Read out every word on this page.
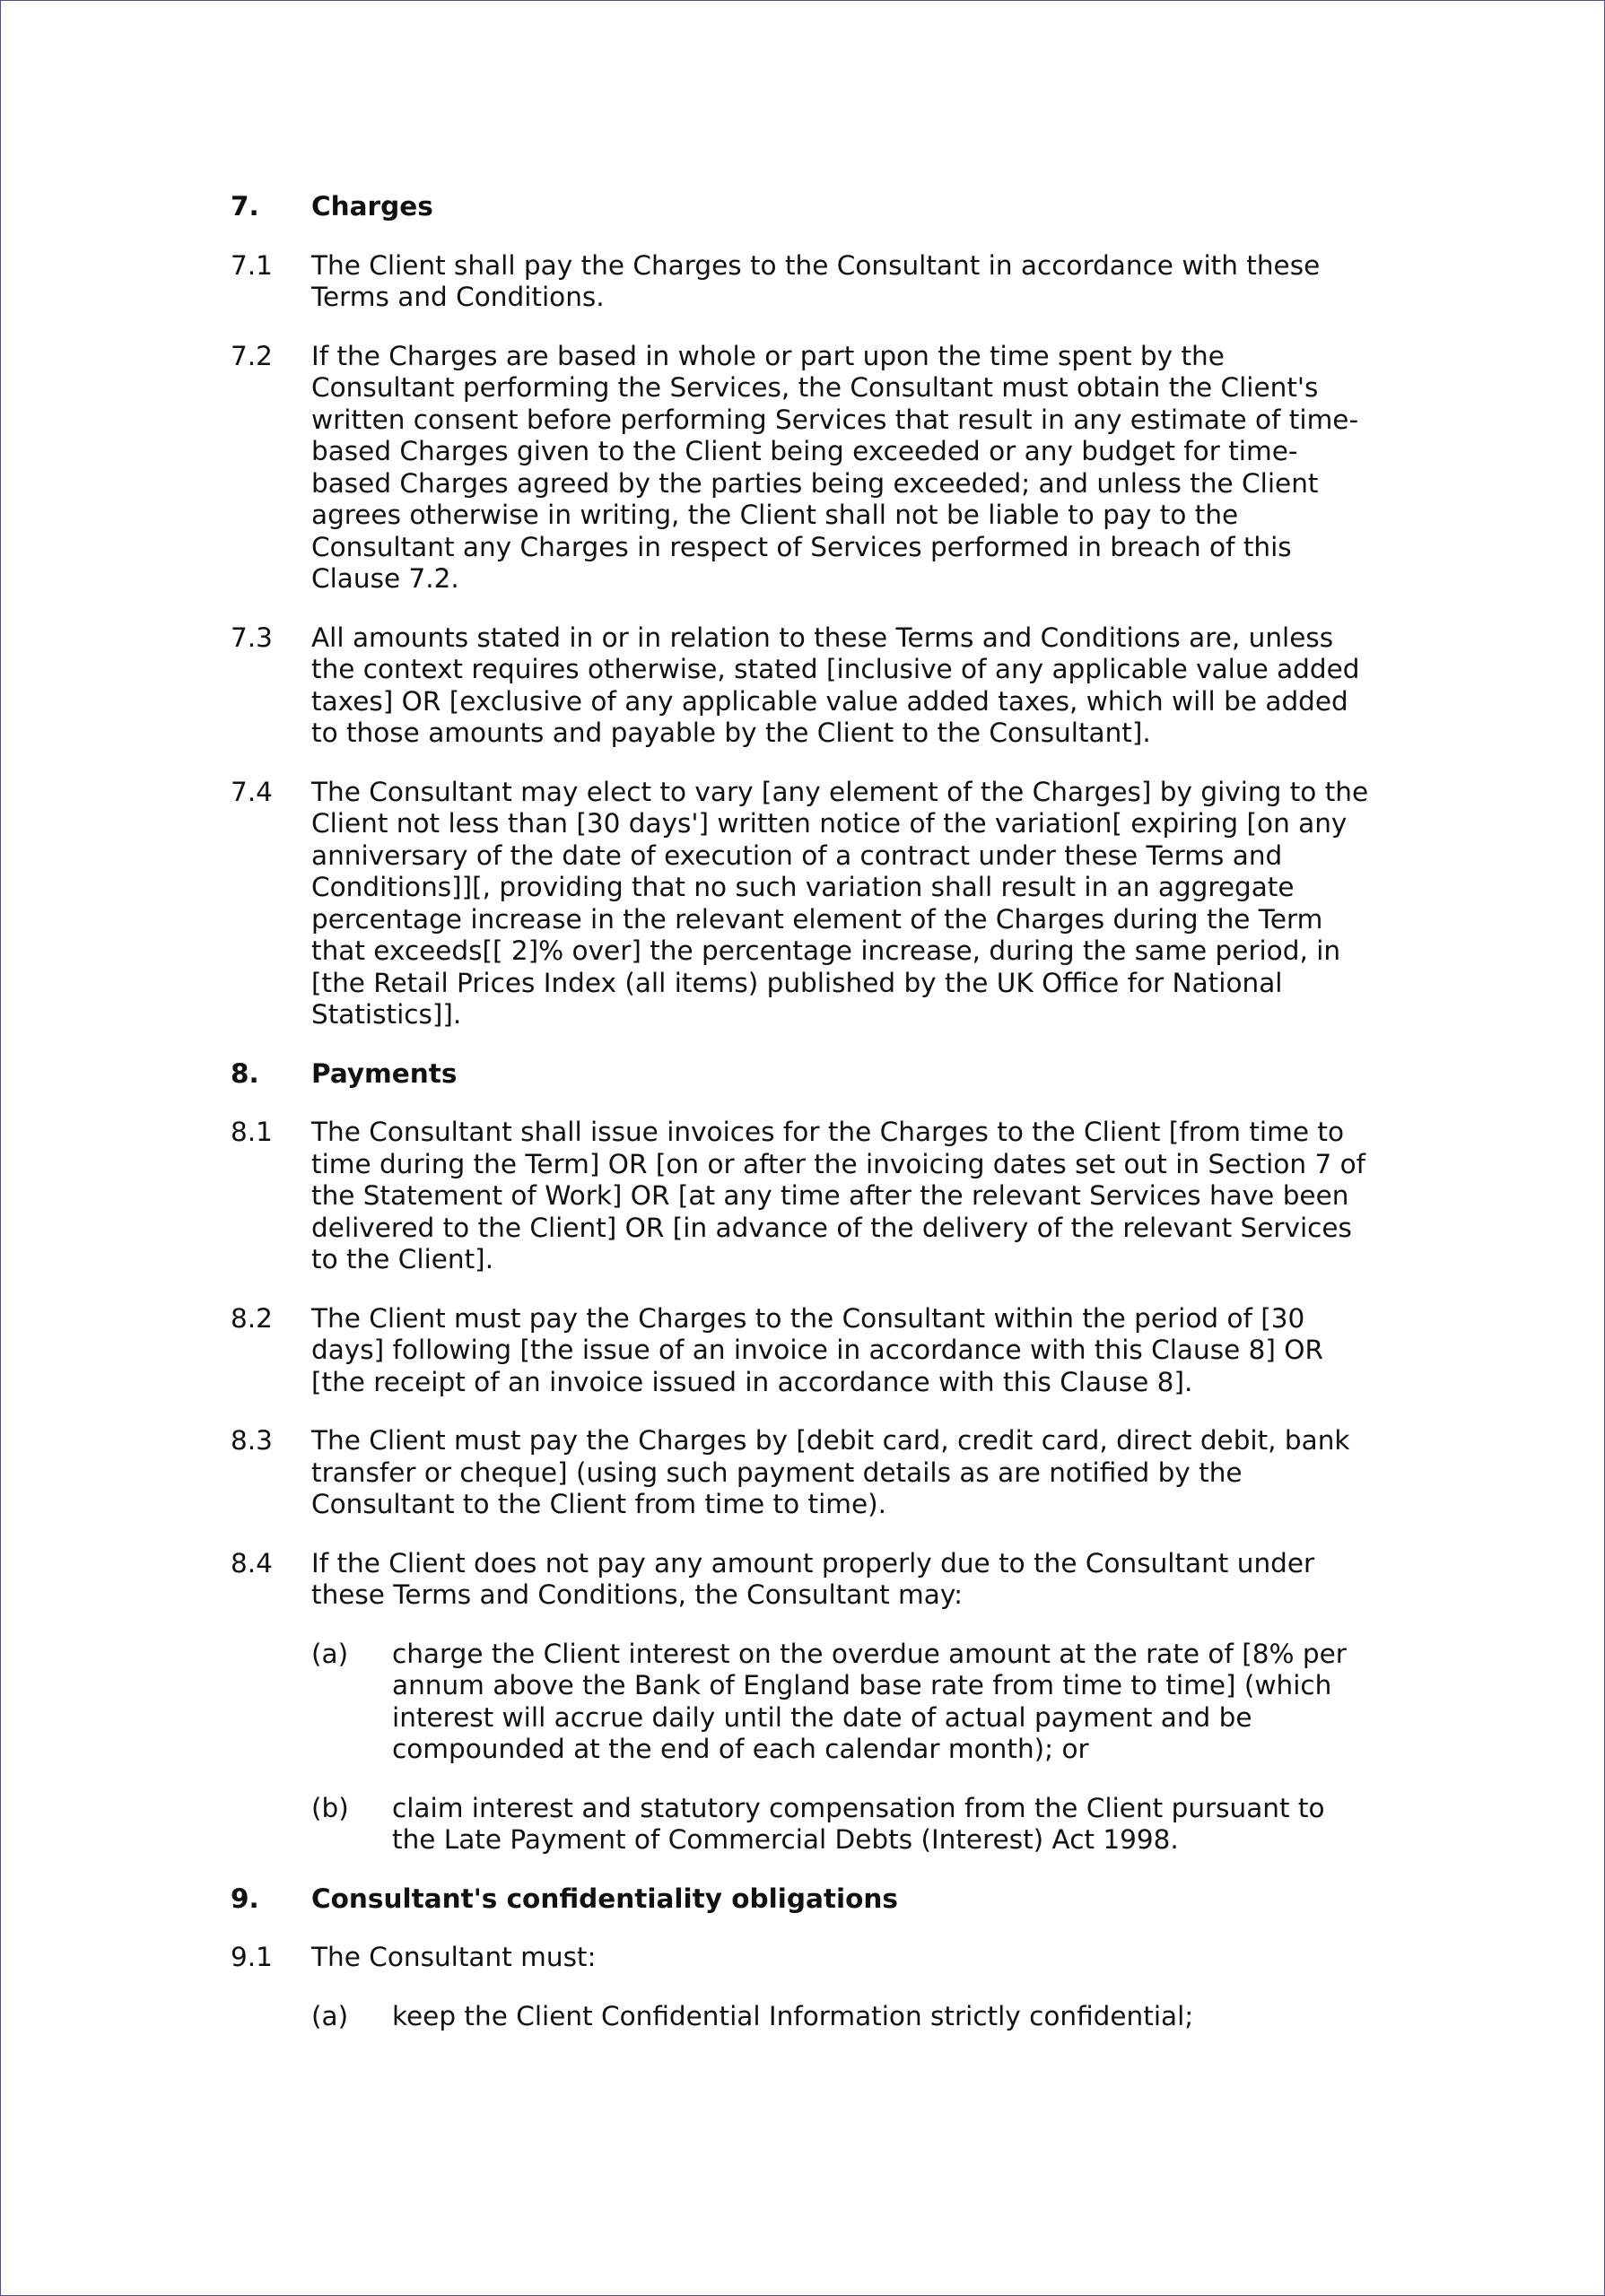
7. Charges
7.1 The Client shall pay the Charges to the Consultant in accordance with these Terms and Conditions.
7.2 If the Charges are based in whole or part upon the time spent by the Consultant performing the Services, the Consultant must obtain the Client's written consent before performing Services that result in any estimate of time-based Charges given to the Client being exceeded or any budget for time-based Charges agreed by the parties being exceeded; and unless the Client agrees otherwise in writing, the Client shall not be liable to pay to the Consultant any Charges in respect of Services performed in breach of this Clause 7.2.
7.3 All amounts stated in or in relation to these Terms and Conditions are, unless the context requires otherwise, stated [inclusive of any applicable value added taxes] OR [exclusive of any applicable value added taxes, which will be added to those amounts and payable by the Client to the Consultant].
7.4 The Consultant may elect to vary [any element of the Charges] by giving to the Client not less than [30 days'] written notice of the variation[ expiring [on any anniversary of the date of execution of a contract under these Terms and Conditions]][, providing that no such variation shall result in an aggregate percentage increase in the relevant element of the Charges during the Term that exceeds[[ 2]% over] the percentage increase, during the same period, in [the Retail Prices Index (all items) published by the UK Office for National Statistics]].
8. Payments
8.1 The Consultant shall issue invoices for the Charges to the Client [from time to time during the Term] OR [on or after the invoicing dates set out in Section 7 of the Statement of Work] OR [at any time after the relevant Services have been delivered to the Client] OR [in advance of the delivery of the relevant Services to the Client].
8.2 The Client must pay the Charges to the Consultant within the period of [30 days] following [the issue of an invoice in accordance with this Clause 8] OR [the receipt of an invoice issued in accordance with this Clause 8].
8.3 The Client must pay the Charges by [debit card, credit card, direct debit, bank transfer or cheque] (using such payment details as are notified by the Consultant to the Client from time to time).
8.4 If the Client does not pay any amount properly due to the Consultant under these Terms and Conditions, the Consultant may:
(a) charge the Client interest on the overdue amount at the rate of [8% per annum above the Bank of England base rate from time to time] (which interest will accrue daily until the date of actual payment and be compounded at the end of each calendar month); or
(b) claim interest and statutory compensation from the Client pursuant to the Late Payment of Commercial Debts (Interest) Act 1998.
9. Consultant's confidentiality obligations
9.1 The Consultant must:
(a) keep the Client Confidential Information strictly confidential;
